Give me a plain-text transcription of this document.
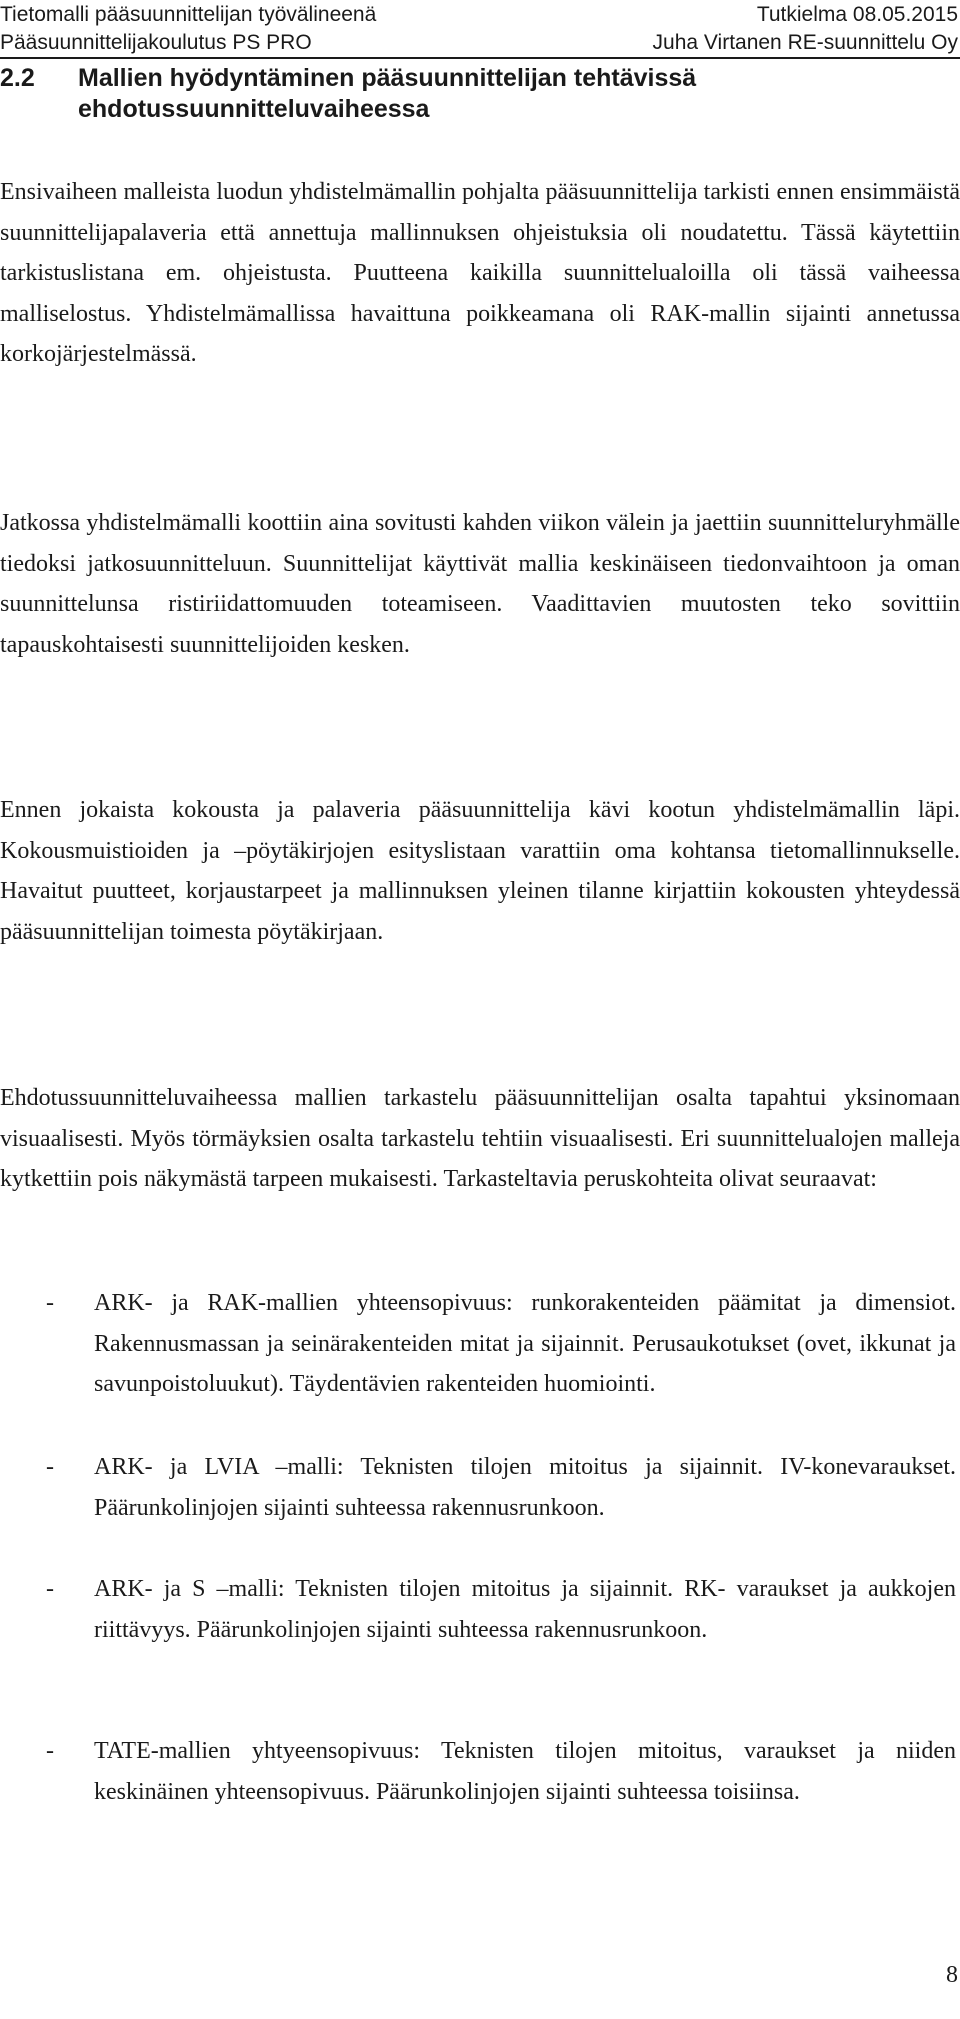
Tietomalli pääsuunnittelijan työvälineenä	Tutkielma 08.05.2015
Pääsuunnittelijakoulutus PS PRO	Juha Virtanen RE-suunnittelu Oy
2.2 Mallien hyödyntäminen pääsuunnittelijan tehtävissä ehdotussuunnitteluvaiheessa
Ensivaiheen malleista luodun yhdistelmämallin pohjalta pääsuunnittelija tarkisti ennen ensimmäistä suunnittelijapalaveria että annettuja mallinnuksen ohjeistuksia oli noudatettu. Tässä käytettiin tarkistuslistana em. ohjeistusta. Puutteena kaikilla suunnittelualoilla oli tässä vaiheessa malliselostus. Yhdistelmämallissa havaittuna poikkeamana oli RAK-mallin sijainti annetussa korkojärjestelmässä.
Jatkossa yhdistelmämalli koottiin aina sovitusti kahden viikon välein ja jaettiin suunnitteluryhmälle tiedoksi jatkosuunnitteluun. Suunnittelijat käyttivät mallia keskinäiseen tiedonvaihtoon ja oman suunnittelunsa ristiriidattomuuden toteamiseen. Vaadittavien muutosten teko sovittiin tapauskohtaisesti suunnittelijoiden kesken.
Ennen jokaista kokousta ja palaveria pääsuunnittelija kävi kootun yhdistelmämallin läpi. Kokousmuistioiden ja –pöytäkirjojen esityslistaan varattiin oma kohtansa tietomallinnukselle. Havaitut puutteet, korjaustarpeet ja mallinnuksen yleinen tilanne kirjattiin kokousten yhteydessä pääsuunnittelijan toimesta pöytäkirjaan.
Ehdotussuunnitteluvaiheessa mallien tarkastelu pääsuunnittelijan osalta tapahtui yksinomaan visuaalisesti. Myös törmäyksien osalta tarkastelu tehtiin visuaalisesti. Eri suunnittelualojen malleja kytkettiin pois näkymästä tarpeen mukaisesti. Tarkasteltavia peruskohteita olivat seuraavat:
- ARK- ja RAK-mallien yhteensopivuus: runkorakenteiden päämitat ja dimensiot. Rakennusmassan ja seinärakenteiden mitat ja sijainnit. Perusaukotukset (ovet, ikkunat ja savunpoistoluukut). Täydentävien rakenteiden huomiointi.
- ARK- ja LVIA –malli: Teknisten tilojen mitoitus ja sijainnit. IV-konevaraukset. Päärunkolinjojen sijainti suhteessa rakennusrunkoon.
- ARK- ja S –malli: Teknisten tilojen mitoitus ja sijainnit. RK- varaukset ja aukkojen riittävyys. Päärunkolinjojen sijainti suhteessa rakennusrunkoon.
- TATE-mallien yhtyeensopivuus: Teknisten tilojen mitoitus, varaukset ja niiden keskinäinen yhteensopivuus. Päärunkolinjojen sijainti suhteessa toisiinsa.
8
